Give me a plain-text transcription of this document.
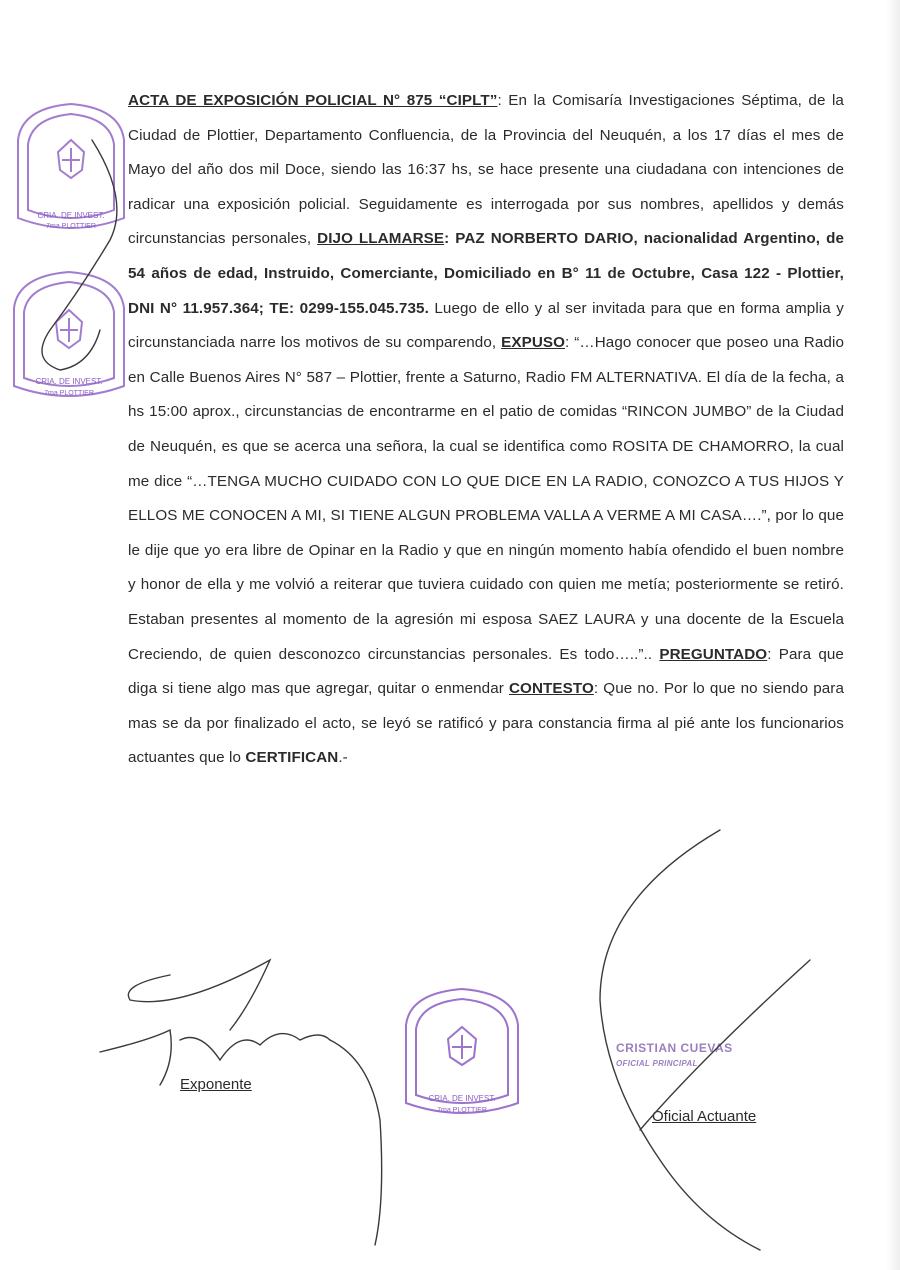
CRIA. DE INVEST.
7ma PLOTTIER
CRIA. DE INVEST.
7ma PLOTTIER
ACTA DE EXPOSICIÓN POLICIAL N° 875 “CIPLT”: En la Comisaría Investigaciones Séptima, de la Ciudad de Plottier, Departamento Confluencia, de la Provincia del Neuquén, a los 17 días el mes de Mayo del año dos mil Doce, siendo las 16:37 hs, se hace presente una ciudadana con intenciones de radicar una exposición policial. Seguidamente es interrogada por sus nombres, apellidos y demás circunstancias personales, DIJO LLAMARSE: PAZ NORBERTO DARIO, nacionalidad Argentino, de 54 años de edad, Instruido, Comerciante, Domiciliado en B° 11 de Octubre, Casa 122 - Plottier, DNI N° 11.957.364; TE: 0299-155.045.735. Luego de ello y al ser invitada para que en forma amplia y circunstanciada narre los motivos de su comparendo, EXPUSO: “…Hago conocer que poseo una Radio en Calle Buenos Aires N° 587 – Plottier, frente a Saturno, Radio FM ALTERNATIVA. El día de la fecha, a hs 15:00 aprox., circunstancias de encontrarme en el patio de comidas “RINCON JUMBO” de la Ciudad de Neuquén, es que se acerca una señora, la cual se identifica como ROSITA DE CHAMORRO, la cual me dice “…TENGA MUCHO CUIDADO CON LO QUE DICE EN LA RADIO, CONOZCO A TUS HIJOS Y ELLOS ME CONOCEN A MI, SI TIENE ALGUN PROBLEMA VALLA A VERME A MI CASA….”, por lo que le dije que yo era libre de Opinar en la Radio y que en ningún momento había ofendido el buen nombre y honor de ella y me volvió a reiterar que tuviera cuidado con quien me metía; posteriormente se retiró. Estaban presentes al momento de la agresión mi esposa SAEZ LAURA y una docente de la Escuela Creciendo, de quien desconozco circunstancias personales. Es todo…..”.. PREGUNTADO: Para que diga si tiene algo mas que agregar, quitar o enmendar CONTESTO: Que no. Por lo que no siendo para mas se da por finalizado el acto, se leyó se ratificó y para constancia firma al pié ante los funcionarios actuantes que lo CERTIFICAN.-
CRIA. DE INVEST.
7ma PLOTTIER
CRISTIAN CUEVAS
OFICIAL PRINCIPAL
Exponente
Oficial Actuante
